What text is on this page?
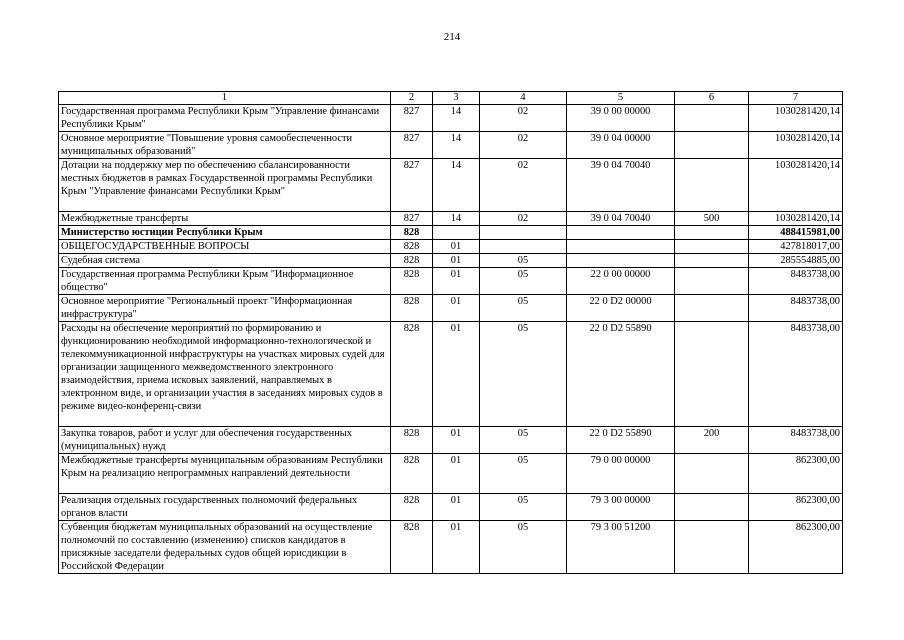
214
1	2	3	4	5	6	7
Государственная программа Республики Крым "Управление финансами Республики Крым"	827	14	02	39 0 00 00000		1030281420,14
Основное мероприятие "Повышение уровня самообеспеченности муниципальных образований"	827	14	02	39 0 04 00000		1030281420,14
Дотации на поддержку мер по обеспечению сбалансированности местных бюджетов в рамках Государственной программы Республики Крым "Управление финансами Республики Крым"	827	14	02	39 0 04 70040		1030281420,14
Межбюджетные трансферты	827	14	02	39 0 04 70040	500	1030281420,14
Министерство юстиции Республики Крым	828					488415981,00
ОБЩЕГОСУДАРСТВЕННЫЕ ВОПРОСЫ	828	01				427818017,00
Судебная система	828	01	05			285554885,00
Государственная программа Республики Крым "Информационное общество"	828	01	05	22 0 00 00000		8483738,00
Основное мероприятие "Региональный проект "Информационная инфраструктура"	828	01	05	22 0 D2 00000		8483738,00
Расходы на обеспечение мероприятий по формированию и функционированию необходимой информационно-технологической и телекоммуникационной инфраструктуры на участках мировых судей для организации защищенного межведомственного электронного взаимодействия, приема исковых заявлений, направляемых в электронном виде, и организации участия в заседаниях мировых судов в режиме видео-конференц-связи	828	01	05	22 0 D2 55890		8483738,00
Закупка товаров, работ и услуг для обеспечения государственных (муниципальных) нужд	828	01	05	22 0 D2 55890	200	8483738,00
Межбюджетные трансферты муниципальным образованиям Республики Крым на реализацию непрограммных направлений деятельности	828	01	05	79 0 00 00000		862300,00
Реализация отдельных государственных полномочий федеральных органов власти	828	01	05	79 3 00 00000		862300,00
Субвенция бюджетам муниципальных образований на осуществление полномочий по составлению (изменению) списков кандидатов в присяжные заседатели федеральных судов общей юрисдикции в Российской Федерации	828	01	05	79 3 00 51200		862300,00
